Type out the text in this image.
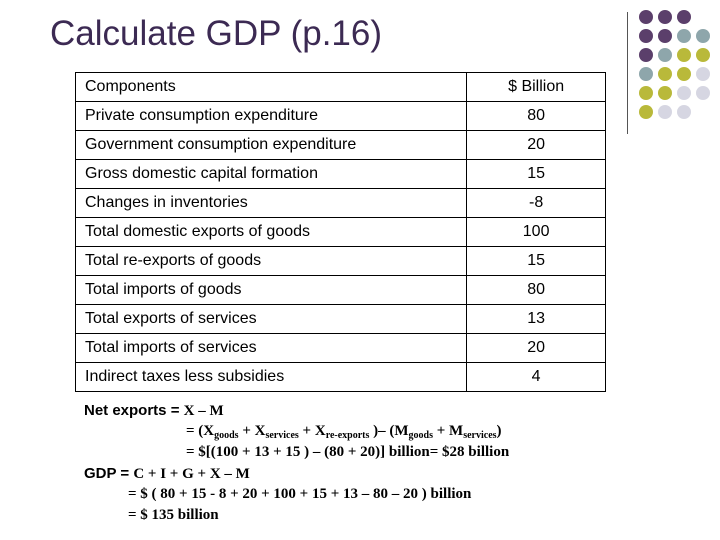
Calculate GDP (p.16)
Components	$ Billion
Private consumption expenditure	80
Government consumption expenditure	20
Gross domestic capital formation	15
Changes in inventories	-8
Total domestic exports of goods	100
Total re-exports of goods	15
Total imports of goods	80
Total exports of services	13
Total imports of services	20
Indirect taxes less subsidies	4
Net exports = X – M
= ($X_{goods} + X_{services} + X_{re-exports}$ )– $(M_{goods} + M_{services})$
= $[(100 + 13 + 15 ) – (80 + 20)] billion= $28 billion
GDP = C + I + G + X – M
= $ ( 80 + 15 - 8 + 20 + 100 + 15 + 13 – 80 – 20 ) billion
= $ 135 billion
